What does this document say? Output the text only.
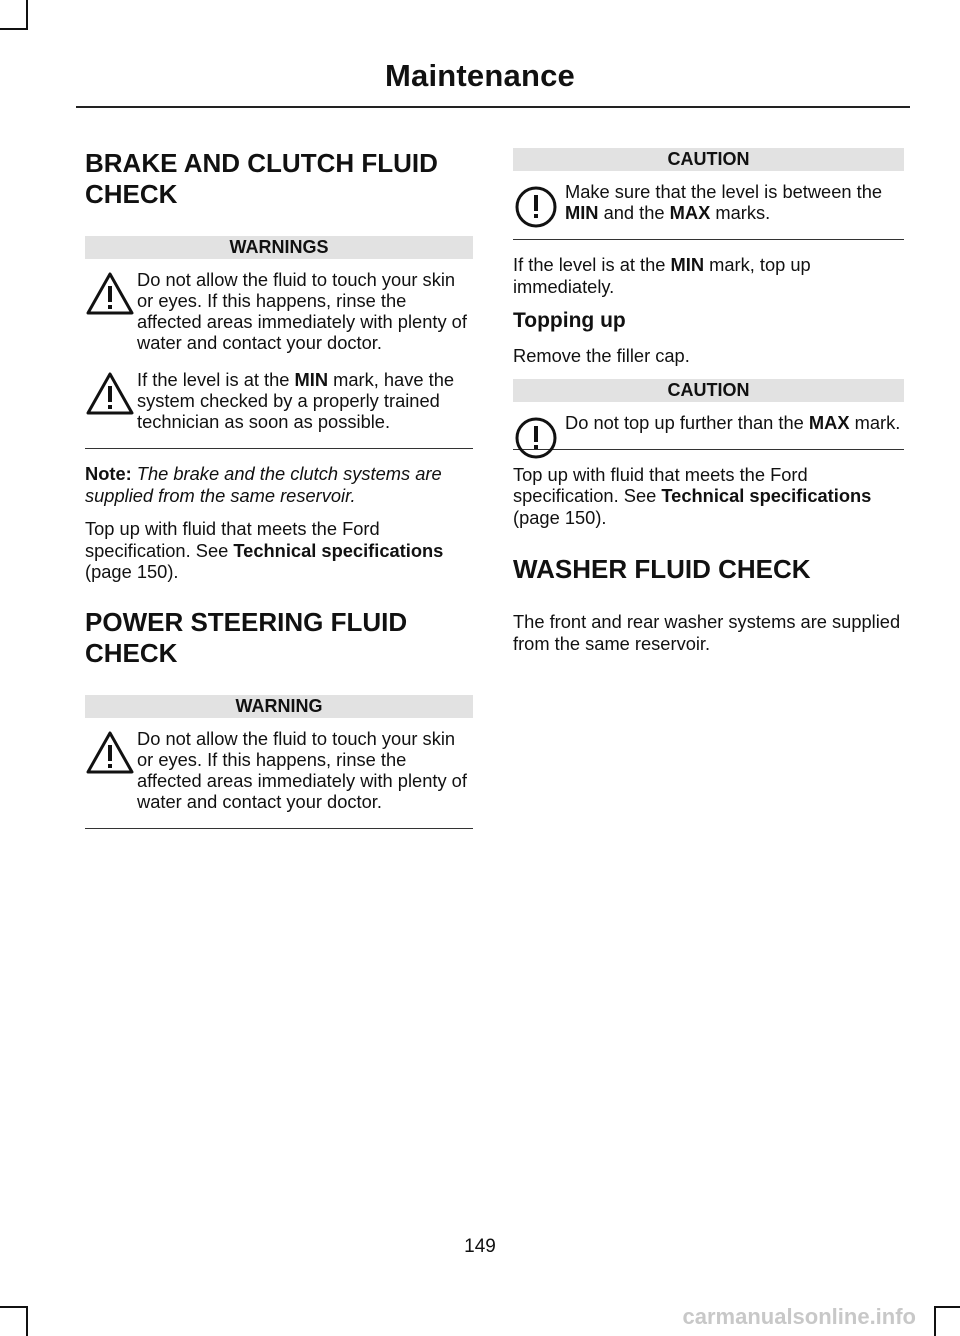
Maintenance
BRAKE AND CLUTCH FLUID CHECK
WARNINGS
Do not allow the fluid to touch your skin or eyes. If this happens, rinse the affected areas immediately with plenty of water and contact your doctor.
If the level is at the MIN mark, have the system checked by a properly trained technician as soon as possible.

Note: The brake and the clutch systems are supplied from the same reservoir.

Top up with fluid that meets the Ford specification. See Technical specifications (page 150).

POWER STEERING FLUID CHECK
WARNING
Do not allow the fluid to touch your skin or eyes. If this happens, rinse the affected areas immediately with plenty of water and contact your doctor.
CAUTION
Make sure that the level is between the MIN and the MAX marks.

If the level is at the MIN mark, top up immediately.

Topping up

Remove the filler cap.

CAUTION
Do not top up further than the MAX mark.

Top up with fluid that meets the Ford specification. See Technical specifications (page 150).

WASHER FLUID CHECK

The front and rear washer systems are supplied from the same reservoir.

149
carmanualsonline.info
